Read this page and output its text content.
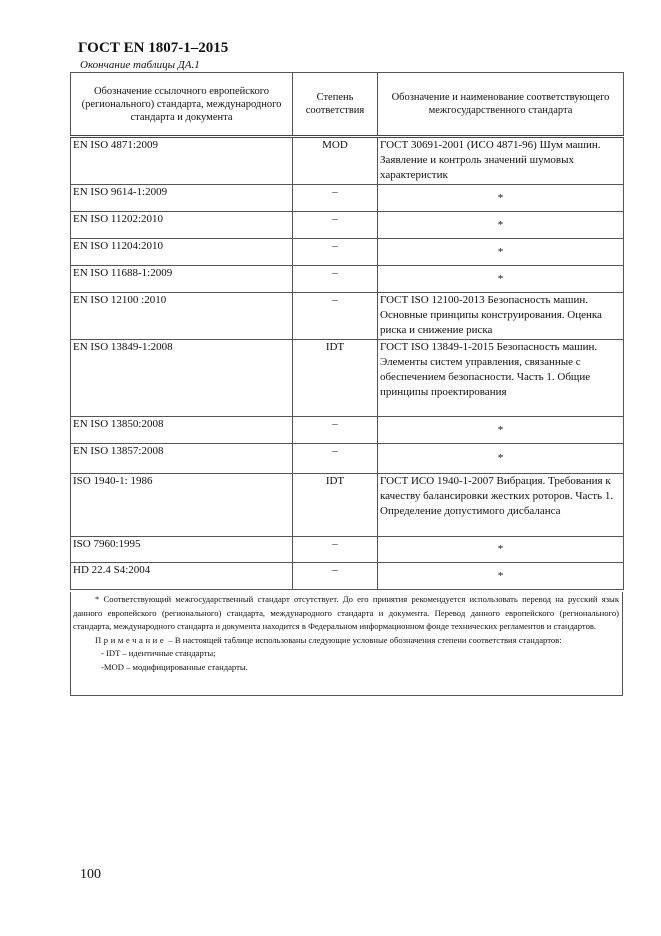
ГОСТ EN 1807-1–2015
Окончание таблицы ДА.1
Обозначение ссылочного европейского (регионального) стандарта, международного стандарта и документа	Степень соответствия	Обозначение и наименование соответствующего межгосударственного стандарта
EN ISO 4871:2009	MOD	ГОСТ 30691-2001 (ИСО 4871-96) Шум машин. Заявление и контроль значений шумовых характеристик
EN ISO 9614-1:2009	–	*
EN ISO 11202:2010	–	*
EN ISO 11204:2010	–	*
EN ISO 11688-1:2009	–	*
EN ISO 12100 :2010	–	ГОСТ ISO 12100-2013 Безопасность машин. Основные принципы конструирования. Оценка риска и снижение риска
EN ISO 13849-1:2008	IDT	ГОСТ ISO 13849-1-2015 Безопасность машин. Элементы систем управления, связанные с обеспечением безопасности. Часть 1. Общие принципы проектирования
EN ISO 13850:2008	–	*
EN ISO 13857:2008	–	*
ISO 1940-1: 1986	IDT	ГОСТ ИСО 1940-1-2007 Вибрация. Требования к качеству балансировки жестких роторов. Часть 1. Определение допустимого дисбаланса
ISO 7960:1995	–	*
HD 22.4 S4:2004	–	*

* Соответствующий межгосударственный стандарт отсутствует. До его принятия рекомендуется использовать перевод на русский язык данного европейского (регионального) стандарта, международного стандарта и документа. Перевод данного европейского (регионального) стандарта, международного стандарта и документа находится в Федеральном информационном фонде технических регламентов и стандартов.

Примечание – В настоящей таблице использованы следующие условные обозначения степени соответствия стандартов:

- IDT – идентичные стандарты;

-MOD – модифицированные стандарты.

100
